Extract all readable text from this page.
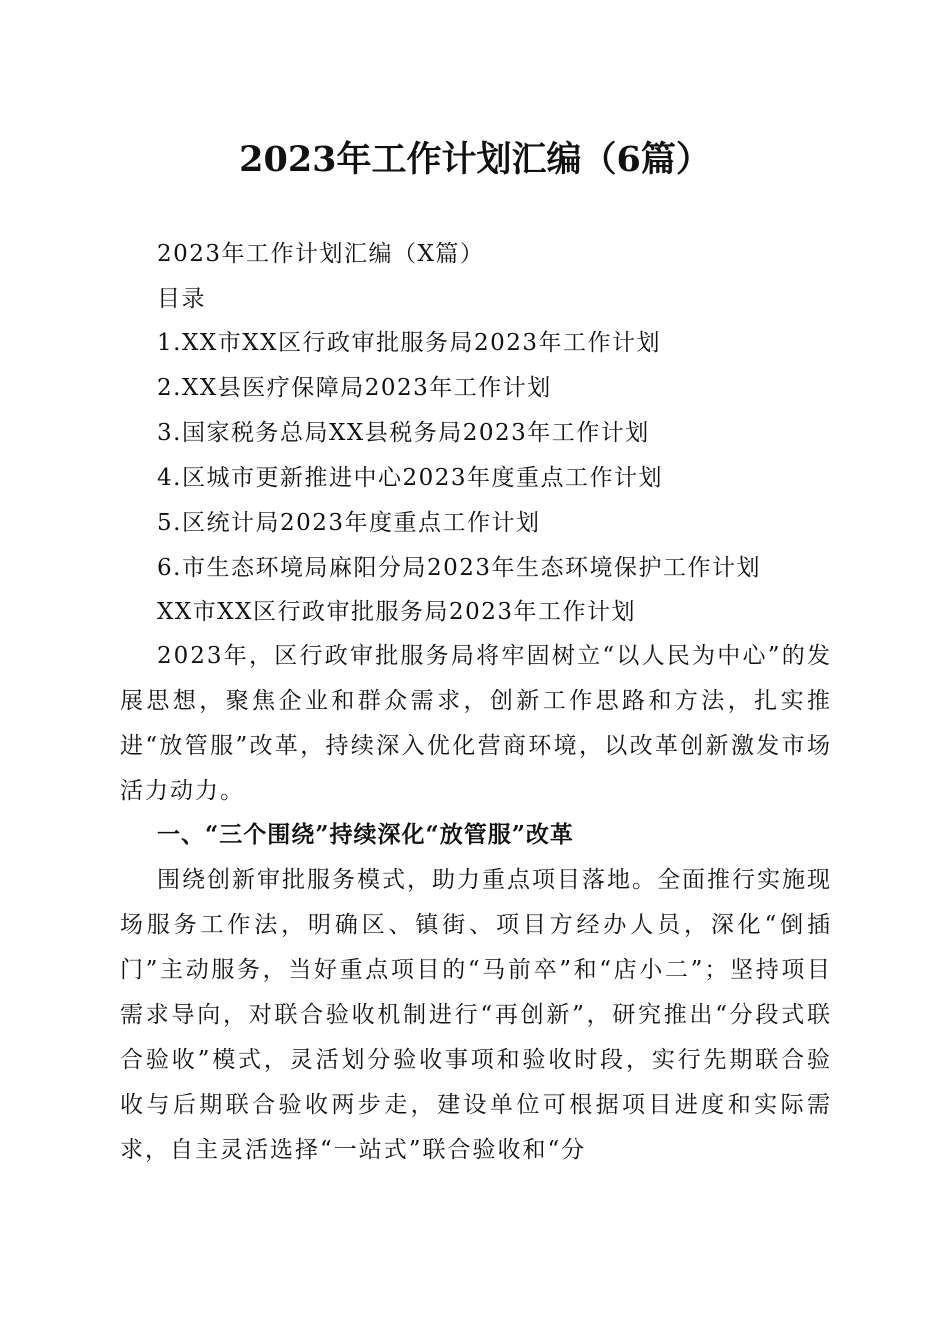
2023年工作计划汇编（6篇）
2023年工作计划汇编（X篇）
目录
1.XX市XX区行政审批服务局2023年工作计划
2.XX县医疗保障局2023年工作计划
3.国家税务总局XX县税务局2023年工作计划
4.区城市更新推进中心2023年度重点工作计划
5.区统计局2023年度重点工作计划
6.市生态环境局麻阳分局2023年生态环境保护工作计划
XX市XX区行政审批服务局2023年工作计划
2023年，区行政审批服务局将牢固树立“以人民为中心”的发展思想，聚焦企业和群众需求，创新工作思路和方法，扎实推进“放管服”改革，持续深入优化营商环境，以改革创新激发市场活力动力。
一、“三个围绕”持续深化“放管服”改革
围绕创新审批服务模式，助力重点项目落地。全面推行实施现场服务工作法，明确区、镇街、项目方经办人员，深化“倒插门”主动服务，当好重点项目的“马前卒”和“店小二”；坚持项目需求导向，对联合验收机制进行“再创新”，研究推出“分段式联合验收”模式，灵活划分验收事项和验收时段，实行先期联合验收与后期联合验收两步走，建设单位可根据项目进度和实际需求，自主灵活选择“一站式”联合验收和“分
